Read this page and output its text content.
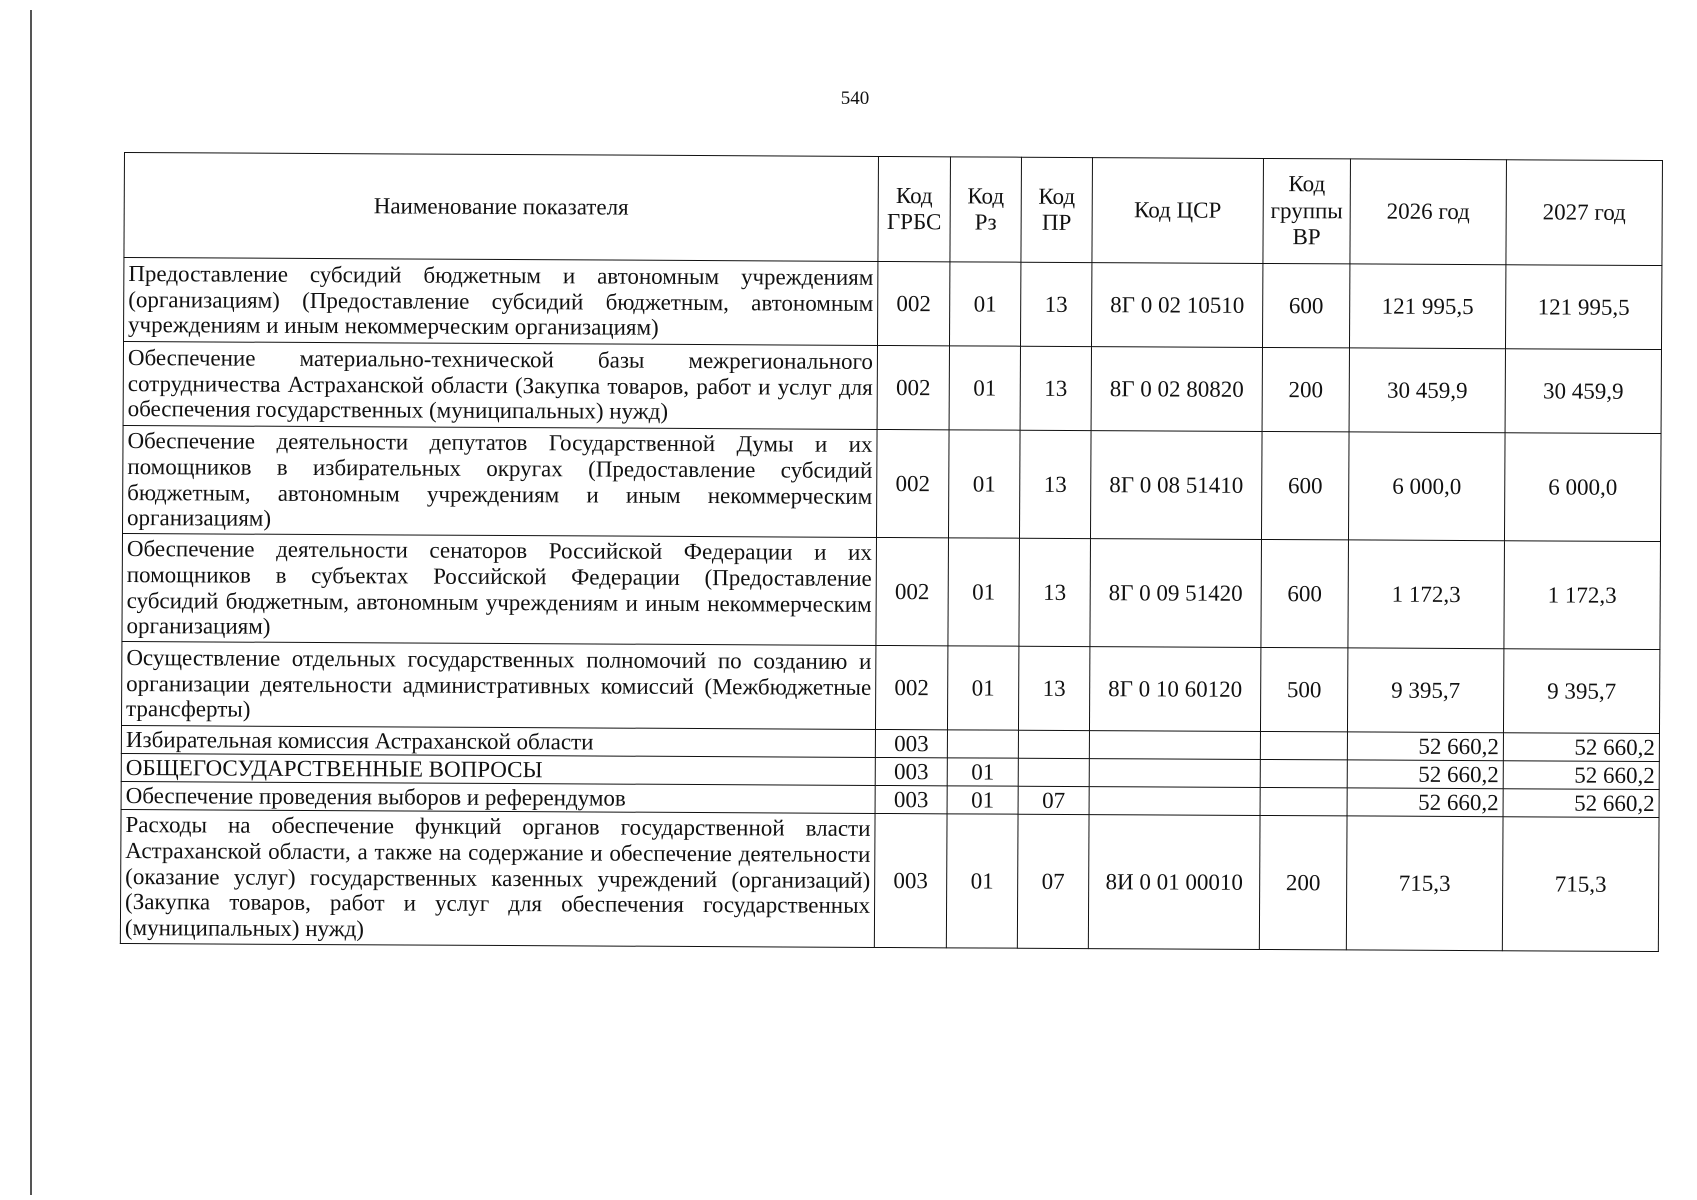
540
Наименование показателя	Код ГРБС	Код Рз	Код ПР	Код ЦСР	Код группы ВР	2026 год	2027 год
Предоставление субсидий бюджетным и автономным учреждениям (организациям) (Предоставление субсидий бюджетным, автономным учреждениям и иным некоммерческим организациям)	002	01	13	8Г 0 02 10510	600	121 995,5	121 995,5
Обеспечение материально-технической базы межрегионального сотрудничества Астраханской области (Закупка товаров, работ и услуг для обеспечения государственных (муниципальных) нужд)	002	01	13	8Г 0 02 80820	200	30 459,9	30 459,9
Обеспечение деятельности депутатов Государственной Думы и их помощников в избирательных округах (Предоставление субсидий бюджетным, автономным учреждениям и иным некоммерческим организациям)	002	01	13	8Г 0 08 51410	600	6 000,0	6 000,0
Обеспечение деятельности сенаторов Российской Федерации и их помощников в субъектах Российской Федерации (Предоставление субсидий бюджетным, автономным учреждениям и иным некоммерческим организациям)	002	01	13	8Г 0 09 51420	600	1 172,3	1 172,3
Осуществление отдельных государственных полномочий по созданию и организации деятельности административных комиссий (Межбюджетные трансферты)	002	01	13	8Г 0 10 60120	500	9 395,7	9 395,7
Избирательная комиссия Астраханской области	003					52 660,2	52 660,2
ОБЩЕГОСУДАРСТВЕННЫЕ ВОПРОСЫ	003	01				52 660,2	52 660,2
Обеспечение проведения выборов и референдумов	003	01	07			52 660,2	52 660,2
Расходы на обеспечение функций органов государственной власти Астраханской области, а также на содержание и обеспечение деятельности (оказание услуг) государственных казенных учреждений (организаций) (Закупка товаров, работ и услуг для обеспечения государственных (муниципальных) нужд)	003	01	07	8И 0 01 00010	200	715,3	715,3
